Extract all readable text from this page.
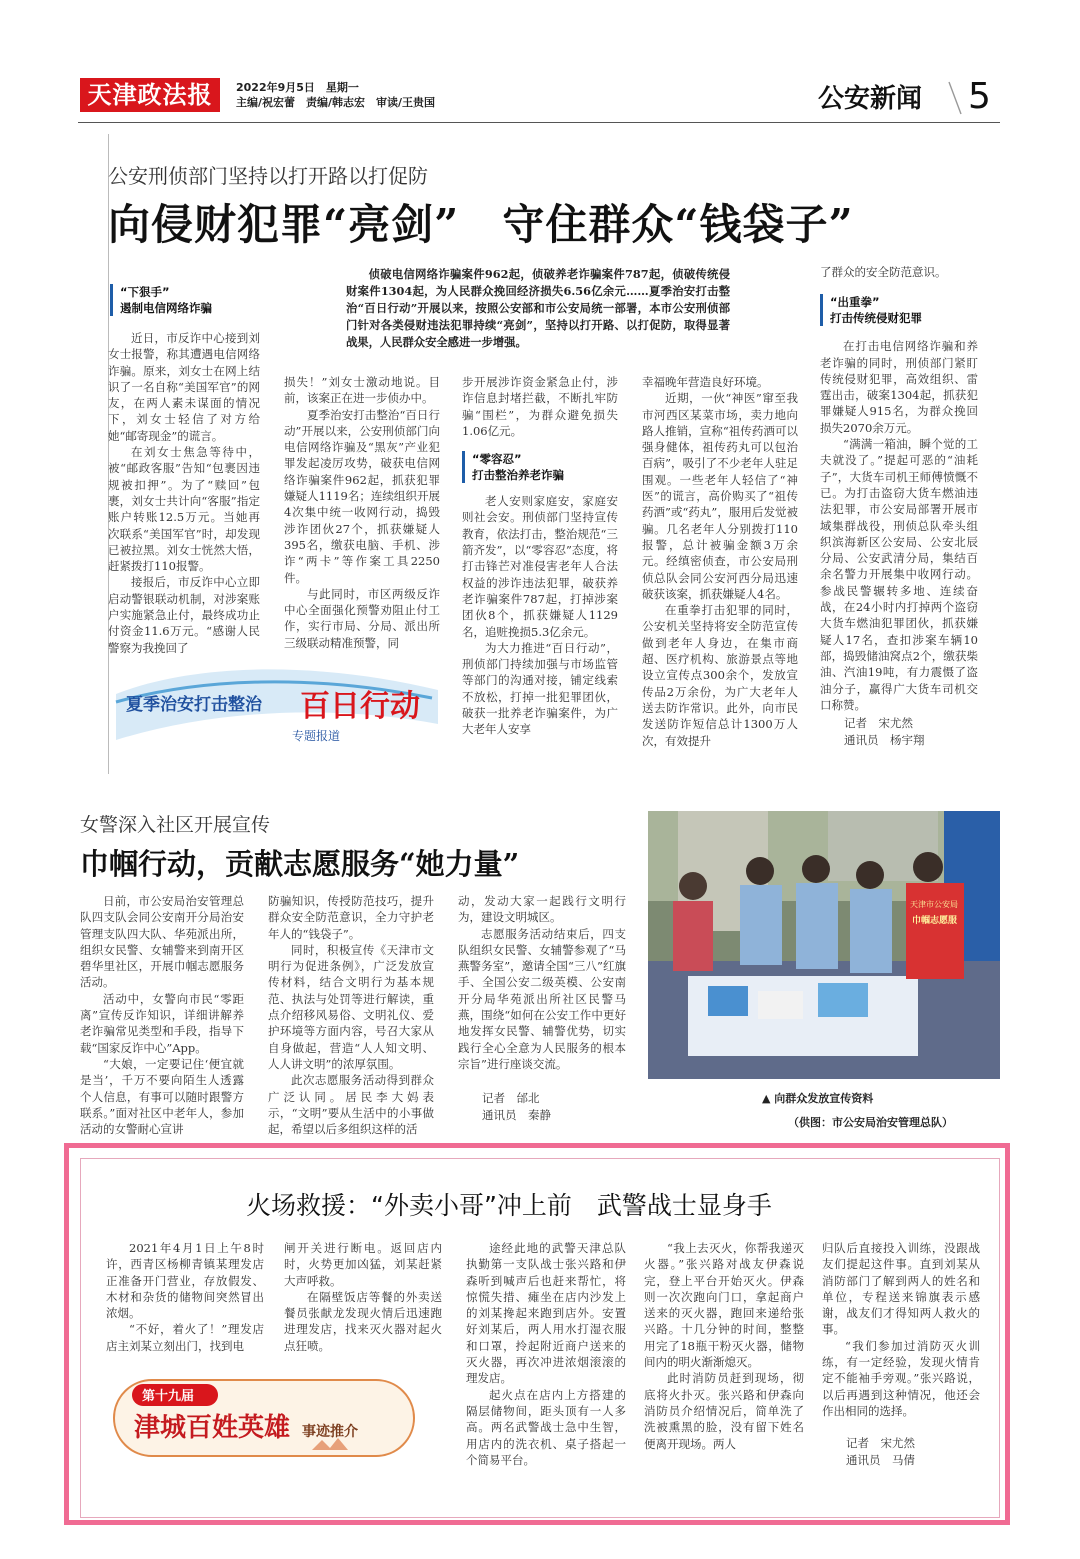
天津政法报	2022年9月5日　星期一
主编/祝宏蕾　责编/韩志宏　审读/王贵国	公安新闻 5
公安刑侦部门坚持以打开路以打促防
向侵财犯罪“亮剑”　守住群众“钱袋子”
侦破电信网络诈骗案件962起，侦破养老诈骗案件787起，侦破传统侵财案件1304起，为人民群众挽回经济损失6.56亿余元……夏季治安打击整治“百日行动”开展以来，按照公安部和市公安局统一部署，本市公安刑侦部门针对各类侵财违法犯罪持续“亮剑”，坚持以打开路、以打促防，取得显著战果，人民群众安全感进一步增强。
“下狠手”
遏制电信网络诈骗

近日，市反诈中心接到刘女士报警，称其遭遇电信网络诈骗。原来，刘女士在网上结识了一名自称“美国军官”的网友，在两人素未谋面的情况下，刘女士轻信了对方给她“邮寄现金”的谎言。

在刘女士焦急等待中，被“邮政客服”告知“包裹因违规被扣押”。为了“赎回”包裹，刘女士共计向“客服”指定账户转账12.5万元。当她再次联系“美国军官”时，却发现已被拉黑。刘女士恍然大悟，赶紧拨打110报警。

接报后，市反诈中心立即启动警银联动机制，对涉案账户实施紧急止付，最终成功止付资金11.6万元。“感谢人民警察为我挽回了

损失！”刘女士激动地说。目前，该案正在进一步侦办中。

夏季治安打击整治“百日行动”开展以来，公安刑侦部门向电信网络诈骗及“黑灰”产业犯罪发起凌厉攻势，破获电信网络诈骗案件962起，抓获犯罪嫌疑人1119名；连续组织开展4次集中统一收网行动，捣毁涉诈团伙27个，抓获嫌疑人395名，缴获电脑、手机、涉诈“两卡”等作案工具2250件。

与此同时，市区两级反诈中心全面强化预警劝阻止付工作，实行市局、分局、派出所三级联动精准预警，同

步开展涉诈资金紧急止付，涉诈信息封堵拦截，不断扎牢防骗“围栏”，为群众避免损失1.06亿元。

“零容忍”
打击整治养老诈骗

老人安则家庭安，家庭安则社会安。刑侦部门坚持宣传教育，依法打击，整治规范“三箭齐发”，以“零容忍”态度，将打击锋芒对准侵害老年人合法权益的涉诈违法犯罪，破获养老诈骗案件787起，打掉涉案团伙8个，抓获嫌疑人1129名，追赃挽损5.3亿余元。

为大力推进“百日行动”，刑侦部门持续加强与市场监管等部门的沟通对接，铺定线索不放松，打掉一批犯罪团伙，破获一批养老诈骗案件，为广大老年人安享

幸福晚年营造良好环境。

近期，一伙“神医”窜至我市河西区某菜市场，卖力地向路人推销，宣称“祖传药酒可以强身健体，祖传药丸可以包治百病”，吸引了不少老年人驻足围观。一些老年人轻信了“神医”的谎言，高价购买了“祖传药酒”或“药丸”，服用后发觉被骗。几名老年人分别拨打110报警，总计被骗金额3万余元。经缜密侦查，市公安局刑侦总队会同公安河西分局迅速破获该案，抓获嫌疑人4名。

在重拳打击犯罪的同时，公安机关坚持将安全防范宣传做到老年人身边，在集市商超、医疗机构、旅游景点等地设立宣传点300余个，发放宣传品2万余份，为广大老年人送去防诈常识。此外，向市民发送防诈短信总计1300万人次，有效提升

了群众的安全防范意识。

“出重拳”
打击传统侵财犯罪

在打击电信网络诈骗和养老诈骗的同时，刑侦部门紧盯传统侵财犯罪，高效组织、雷霆出击，破案1304起，抓获犯罪嫌疑人915名，为群众挽回损失2070余万元。

“满满一箱油，瞬个觉的工夫就没了。”提起可恶的“油耗子”，大货车司机王师傅愤慨不已。为打击盗窃大货车燃油违法犯罪，市公安局部署开展市域集群战役，刑侦总队牵头组织滨海新区公安局、公安北辰分局、公安武清分局，集结百余名警力开展集中收网行动。参战民警辗转多地、连续奋战，在24小时内打掉两个盗窃大货车燃油犯罪团伙，抓获嫌疑人17名，查扣涉案车辆10部，捣毁储油窝点2个，缴获柴油、汽油19吨，有力震慑了盗油分子，赢得广大货车司机交口称赞。

记者　宋尤然
通讯员　杨宇翔
夏季治安打击整治 百日行动
专题报道
女警深入社区开展宣传
巾帼行动，贡献志愿服务“她力量”

日前，市公安局治安管理总队四支队会同公安南开分局治安管理支队四大队、华苑派出所，组织女民警、女辅警来到南开区碧华里社区，开展巾帼志愿服务活动。

活动中，女警向市民“零距离”宣传反诈知识，详细讲解养老诈骗常见类型和手段，指导下载“国家反诈中心”App。

“大娘，一定要记住‘便宜就是当’，千万不要向陌生人透露个人信息，有事可以随时跟警方联系。”面对社区中老年人，参加活动的女警耐心宣讲

防骗知识，传授防范技巧，提升群众安全防范意识，全力守护老年人的“钱袋子”。

同时，积极宣传《天津市文明行为促进条例》，广泛发放宣传材料，结合文明行为基本规范、执法与处罚等进行解读，重点介绍移风易俗、文明礼仪、爱护环境等方面内容，号召大家从自身做起，营造“人人知文明、人人讲文明”的浓厚氛围。

此次志愿服务活动得到群众广泛认同。居民李大妈表示，“文明”要从生活中的小事做起，希望以后多组织这样的活

动，发动大家一起践行文明行为，建设文明城区。

志愿服务活动结束后，四支队组织女民警、女辅警参观了“马燕警务室”，邀请全国“三八”红旗手、全国公安二级英模、公安南开分局华苑派出所社区民警马燕，围绕“如何在公安工作中更好地发挥女民警、辅警优势，切实践行全心全意为人民服务的根本宗旨”进行座谈交流。

记者　邰北
通讯员　秦静
天津市公安局
巾帼志愿服
▲ 向群众发放宣传资料
（供图：市公安局治安管理总队）
火场救援：“外卖小哥”冲上前　武警战士显身手

2021年4月1日上午8时许，西青区杨柳青镇某理发店正准备开门营业，存放假发、木材和杂货的储物间突然冒出浓烟。

“不好，着火了！”理发店店主刘某立刻出门，找到电

闸开关进行断电。返回店内时，火势更加凶猛，刘某赶紧大声呼救。

在隔壁饭店等餐的外卖送餐员张献龙发现火情后迅速跑进理发店，找来灭火器对起火点狂喷。

途经此地的武警天津总队执勤第一支队战士张兴路和伊森听到喊声后也赶来帮忙，将惊慌失措、瘫坐在店内沙发上的刘某搀起来跑到店外。安置好刘某后，两人用水打湿衣服和口罩，拎起附近商户送来的灭火器，再次冲进浓烟滚滚的理发店。

起火点在店内上方搭建的隔层储物间，距头顶有一人多高。两名武警战士急中生智，用店内的洗衣机、桌子搭起一个简易平台。

“我上去灭火，你帮我递灭火器。”张兴路对战友伊森说完，登上平台开始灭火。伊森则一次次跑向门口，拿起商户送来的灭火器，跑回来递给张兴路。十几分钟的时间，整整用完了18瓶干粉灭火器，储物间内的明火渐渐熄灭。

此时消防员赶到现场，彻底将火扑灭。张兴路和伊森向消防员介绍情况后，简单洗了洗被熏黑的脸，没有留下姓名便离开现场。两人

归队后直接投入训练，没跟战友们提起这件事。直到刘某从消防部门了解到两人的姓名和单位，专程送来锦旗表示感谢，战友们才得知两人救火的事。

“我们参加过消防灭火训练，有一定经验，发现火情肯定不能袖手旁观。”张兴路说，以后再遇到这种情况，他还会作出相同的选择。

记者　宋尤然
通讯员　马倩
第十九届
津城百姓英雄 事迹推介
